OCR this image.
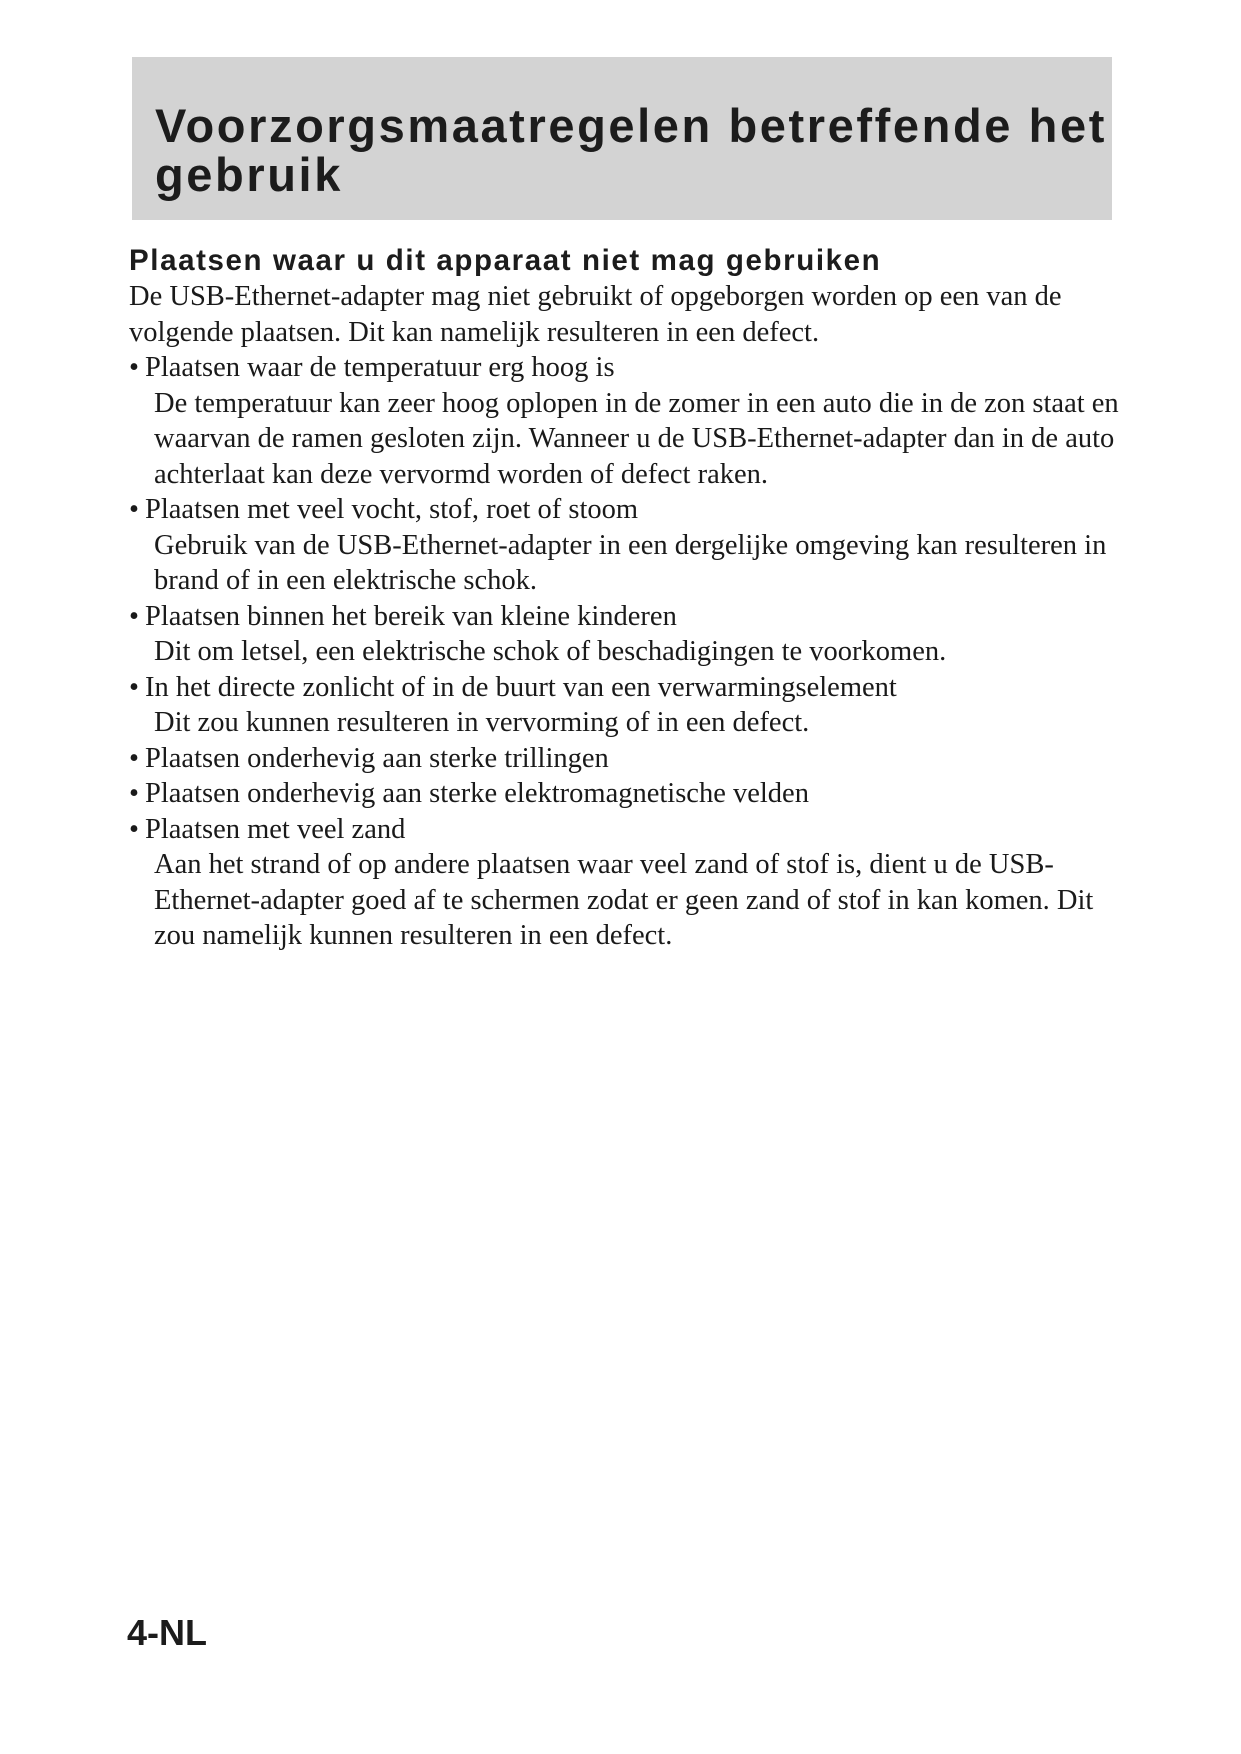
Voorzorgsmaatregelen betreffende het gebruik
Plaatsen waar u dit apparaat niet mag gebruiken

De USB-Ethernet-adapter mag niet gebruikt of opgeborgen worden op een van de volgende plaatsen. Dit kan namelijk resulteren in een defect.

• Plaatsen waar de temperatuur erg hoog is

De temperatuur kan zeer hoog oplopen in de zomer in een auto die in de zon staat en waarvan de ramen gesloten zijn. Wanneer u de USB-Ethernet-adapter dan in de auto achterlaat kan deze vervormd worden of defect raken.

• Plaatsen met veel vocht, stof, roet of stoom

Gebruik van de USB-Ethernet-adapter in een dergelijke omgeving kan resulteren in brand of in een elektrische schok.

• Plaatsen binnen het bereik van kleine kinderen

Dit om letsel, een elektrische schok of beschadigingen te voorkomen.

• In het directe zonlicht of in de buurt van een verwarmingselement

Dit zou kunnen resulteren in vervorming of in een defect.

• Plaatsen onderhevig aan sterke trillingen
• Plaatsen onderhevig aan sterke elektromagnetische velden
• Plaatsen met veel zand

Aan het strand of op andere plaatsen waar veel zand of stof is, dient u de USB-Ethernet-adapter goed af te schermen zodat er geen zand of stof in kan komen. Dit zou namelijk kunnen resulteren in een defect.

4-NL
